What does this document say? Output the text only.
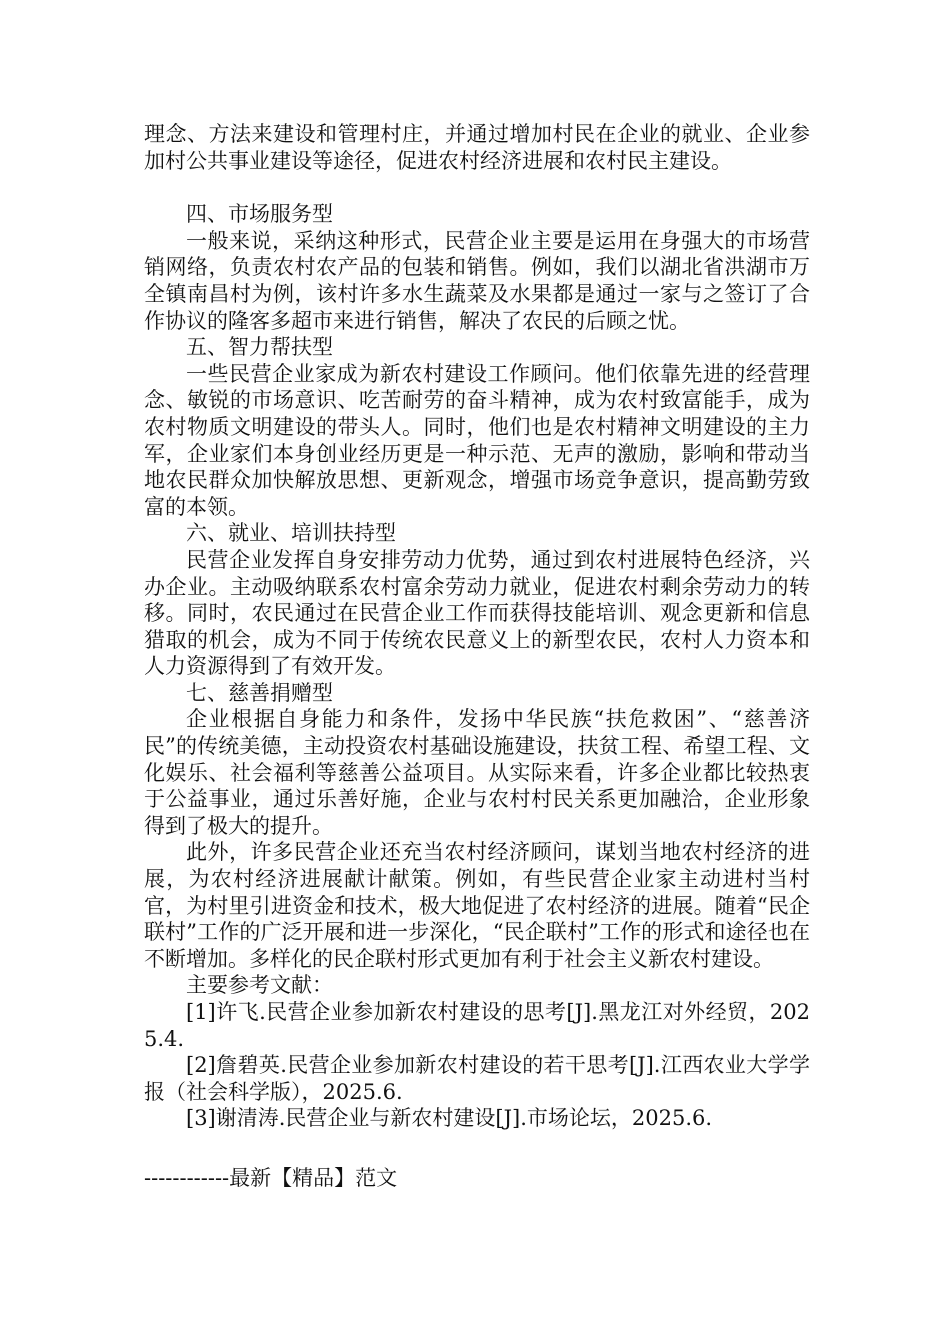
理念、方法来建设和管理村庄，并通过增加村民在企业的就业、企业参加村公共事业建设等途径，促进农村经济进展和农村民主建设。

四、市场服务型

一般来说，采纳这种形式，民营企业主要是运用在身强大的市场营销网络，负责农村农产品的包装和销售。例如，我们以湖北省洪湖市万全镇南昌村为例，该村许多水生蔬菜及水果都是通过一家与之签订了合作协议的隆客多超市来进行销售，解决了农民的后顾之忧。

五、智力帮扶型

一些民营企业家成为新农村建设工作顾问。他们依靠先进的经营理念、敏锐的市场意识、吃苦耐劳的奋斗精神，成为农村致富能手，成为农村物质文明建设的带头人。同时，他们也是农村精神文明建设的主力军，企业家们本身创业经历更是一种示范、无声的激励，影响和带动当地农民群众加快解放思想、更新观念，增强市场竞争意识，提高勤劳致富的本领。

六、就业、培训扶持型

民营企业发挥自身安排劳动力优势，通过到农村进展特色经济，兴办企业。主动吸纳联系农村富余劳动力就业，促进农村剩余劳动力的转移。同时，农民通过在民营企业工作而获得技能培训、观念更新和信息猎取的机会，成为不同于传统农民意义上的新型农民，农村人力资本和人力资源得到了有效开发。

七、慈善捐赠型

企业根据自身能力和条件，发扬中华民族“扶危救困”、“慈善济民”的传统美德，主动投资农村基础设施建设，扶贫工程、希望工程、文化娱乐、社会福利等慈善公益项目。从实际来看，许多企业都比较热衷于公益事业，通过乐善好施，企业与农村村民关系更加融洽，企业形象得到了极大的提升。

此外，许多民营企业还充当农村经济顾问，谋划当地农村经济的进展，为农村经济进展献计献策。例如，有些民营企业家主动进村当村官，为村里引进资金和技术，极大地促进了农村经济的进展。随着“民企联村”工作的广泛开展和进一步深化，“民企联村”工作的形式和途径也在不断增加。多样化的民企联村形式更加有利于社会主义新农村建设。

主要参考文献：

[1]许飞.民营企业参加新农村建设的思考[J].黑龙江对外经贸，2025.4.

[2]詹碧英.民营企业参加新农村建设的若干思考[J].江西农业大学学报（社会科学版），2025.6.

[3]谢清涛.民营企业与新农村建设[J].市场论坛，2025.6.

------------最新【精品】范文
